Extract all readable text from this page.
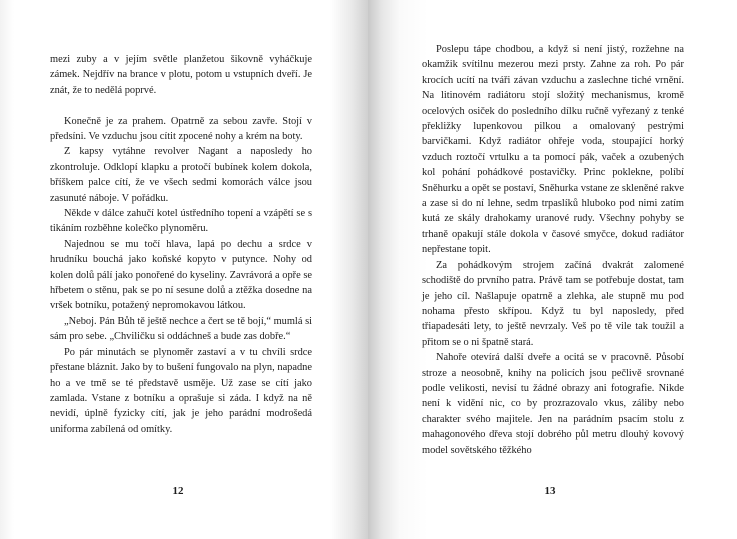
mezi zuby a v jejím světle planžetou šikovně vyháčkuje zámek. Nejdřív na brance v plotu, potom u vstupních dveří. Je znát, že to nedělá poprvé.

Konečně je za prahem. Opatrně za sebou zavře. Stojí v předsíni. Ve vzduchu jsou cítit zpocené nohy a krém na boty.

Z kapsy vytáhne revolver Nagant a naposledy ho zkontroluje. Odklopí klapku a protočí bubínek kolem dokola, bříškem palce cítí, že ve všech sedmi komorách válce jsou zasunuté náboje. V pořádku.

Někde v dálce zahučí kotel ústředního topení a vzápětí se s tikáním rozběhne kolečko plynoměru.

Najednou se mu točí hlava, lapá po dechu a srdce v hrudníku bouchá jako koňské kopyto v putynce. Nohy od kolen dolů pálí jako ponořené do kyseliny. Zavrávorá a opře se hřbetem o stěnu, pak se po ní sesune dolů a ztěžka dosedne na vršek botníku, potažený nepromokavou látkou.

„Neboj. Pán Bůh tě ještě nechce a čert se tě bojí,“ mumlá si sám pro sebe. „Chviličku si oddáchneš a bude zas dobře.“

Po pár minutách se plynoměr zastaví a v tu chvíli srdce přestane bláznit. Jako by to bušení fungovalo na plyn, napadne ho a ve tmě se té představě usměje. Už zase se cítí jako zamlada. Vstane z botníku a oprašuje si záda. I když na ně nevidí, úplně fyzicky cítí, jak je jeho parádní modrošedá uniforma zabílená od omítky.

12

Poslepu tápe chodbou, a když si není jistý, rozžehne na okamžik svítilnu mezerou mezi prsty. Zahne za roh. Po pár krocích ucítí na tváři závan vzduchu a zaslechne tiché vrnění. Na litinovém radiátoru stojí složitý mechanismus, kromě ocelových osiček do posledního dílku ručně vyřezaný z tenké překližky lupenkovou pilkou a omalovaný pestrými barvičkami. Když radiátor ohřeje voda, stoupající horký vzduch roztočí vrtulku a ta pomocí pák, vaček a ozubených kol pohání pohádkové postavičky. Princ poklekne, políbí Sněhurku a opět se postaví, Sněhurka vstane ze skleněné rakve a zase si do ní lehne, sedm trpaslíků hluboko pod nimi zatím kutá ze skály drahokamy uranové rudy. Všechny pohyby se trhaně opakují stále dokola v časové smyčce, dokud radiátor nepřestane topit.

Za pohádkovým strojem začíná dvakrát zalomené schodiště do prvního patra. Právě tam se potřebuje dostat, tam je jeho cíl. Našlapuje opatrně a zlehka, ale stupně mu pod nohama přesto skřípou. Když tu byl naposledy, před třiapadesáti lety, to ještě nevrzaly. Veš po tě vile tak toužil a přitom se o ni špatně stará.

Nahoře otevírá další dveře a ocitá se v pracovně. Působí stroze a neosobně, knihy na policích jsou pečlivě srovnané podle velikosti, nevisí tu žádné obrazy ani fotografie. Nikde není k vidění nic, co by prozrazovalo vkus, záliby nebo charakter svého majitele. Jen na parádním psacím stolu z mahagonového dřeva stojí dobrého půl metru dlouhý kovový model sovětského těžkého

13
